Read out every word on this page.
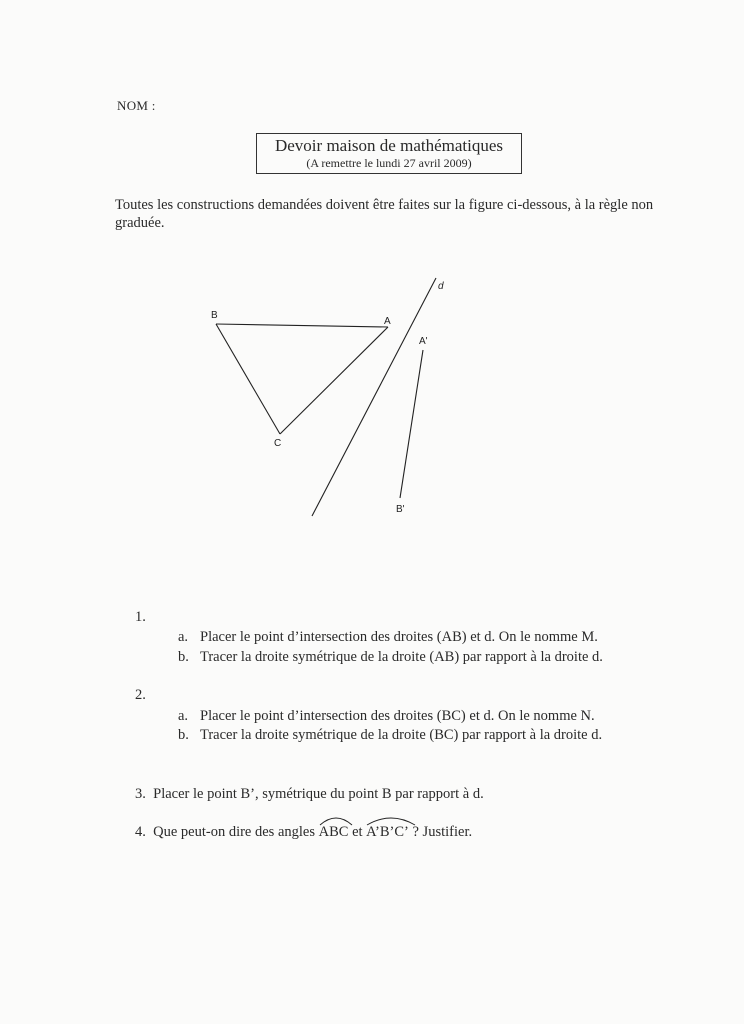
NOM :
Devoir maison de mathématiques
(A remettre le lundi 27 avril 2009)
Toutes les constructions demandées doivent être faites sur la figure ci-dessous, à la règle non graduée.
B
A
C
d
A'
B'
1.
a. Placer le point d’intersection des droites (AB) et d. On le nomme M.
b. Tracer la droite symétrique de la droite (AB) par rapport à la droite d.
2.
a. Placer le point d’intersection des droites (BC) et d. On le nomme N.
b. Tracer la droite symétrique de la droite (BC) par rapport à la droite d.
3.  Placer le point B’, symétrique du point B par rapport à d.
4.  Que peut-on dire des angles
ABC et
A’B’C’ ? Justifier.
